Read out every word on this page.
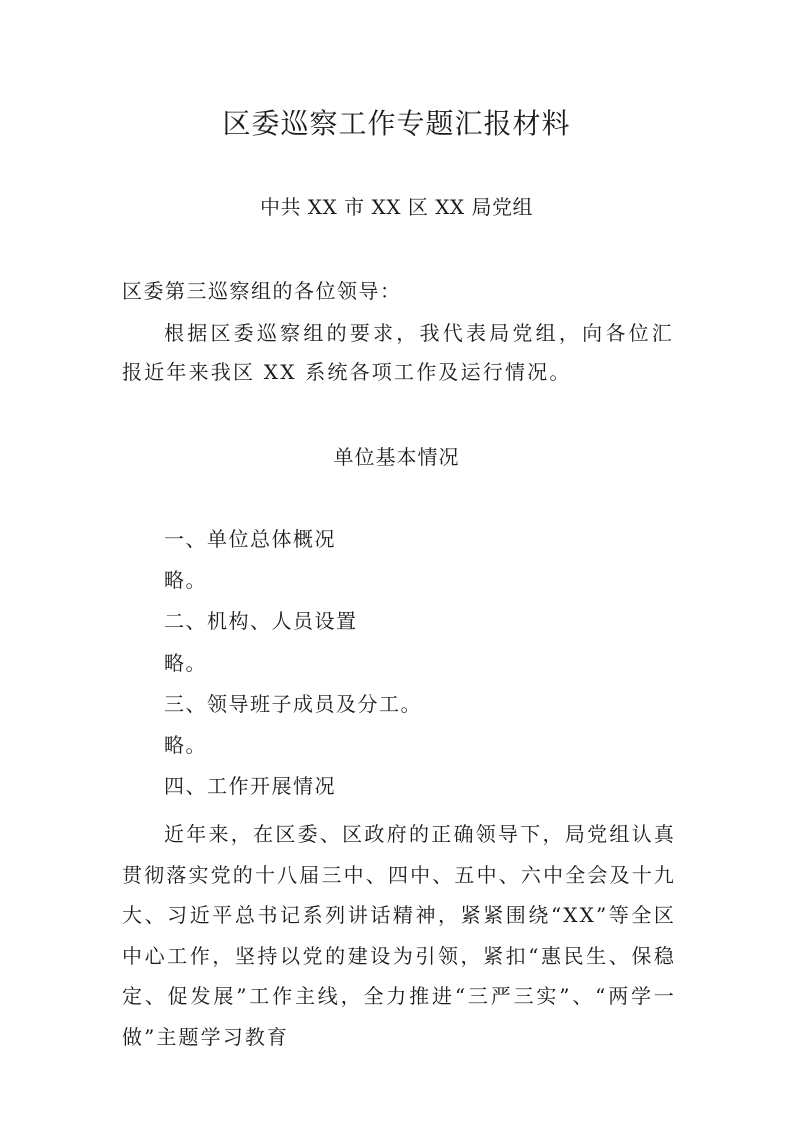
区委巡察工作专题汇报材料
中共 XX 市 XX 区 XX 局党组
区委第三巡察组的各位领导：
根据区委巡察组的要求，我代表局党组，向各位汇报近年来我区 XX 系统各项工作及运行情况。
单位基本情况
一、单位总体概况
略。
二、机构、人员设置
略。
三、领导班子成员及分工。
略。
四、工作开展情况
近年来，在区委、区政府的正确领导下，局党组认真贯彻落实党的十八届三中、四中、五中、六中全会及十九大、习近平总书记系列讲话精神，紧紧围绕“XX”等全区中心工作，坚持以党的建设为引领，紧扣“惠民生、保稳定、促发展”工作主线，全力推进“三严三实”、“两学一做”主题学习教育
